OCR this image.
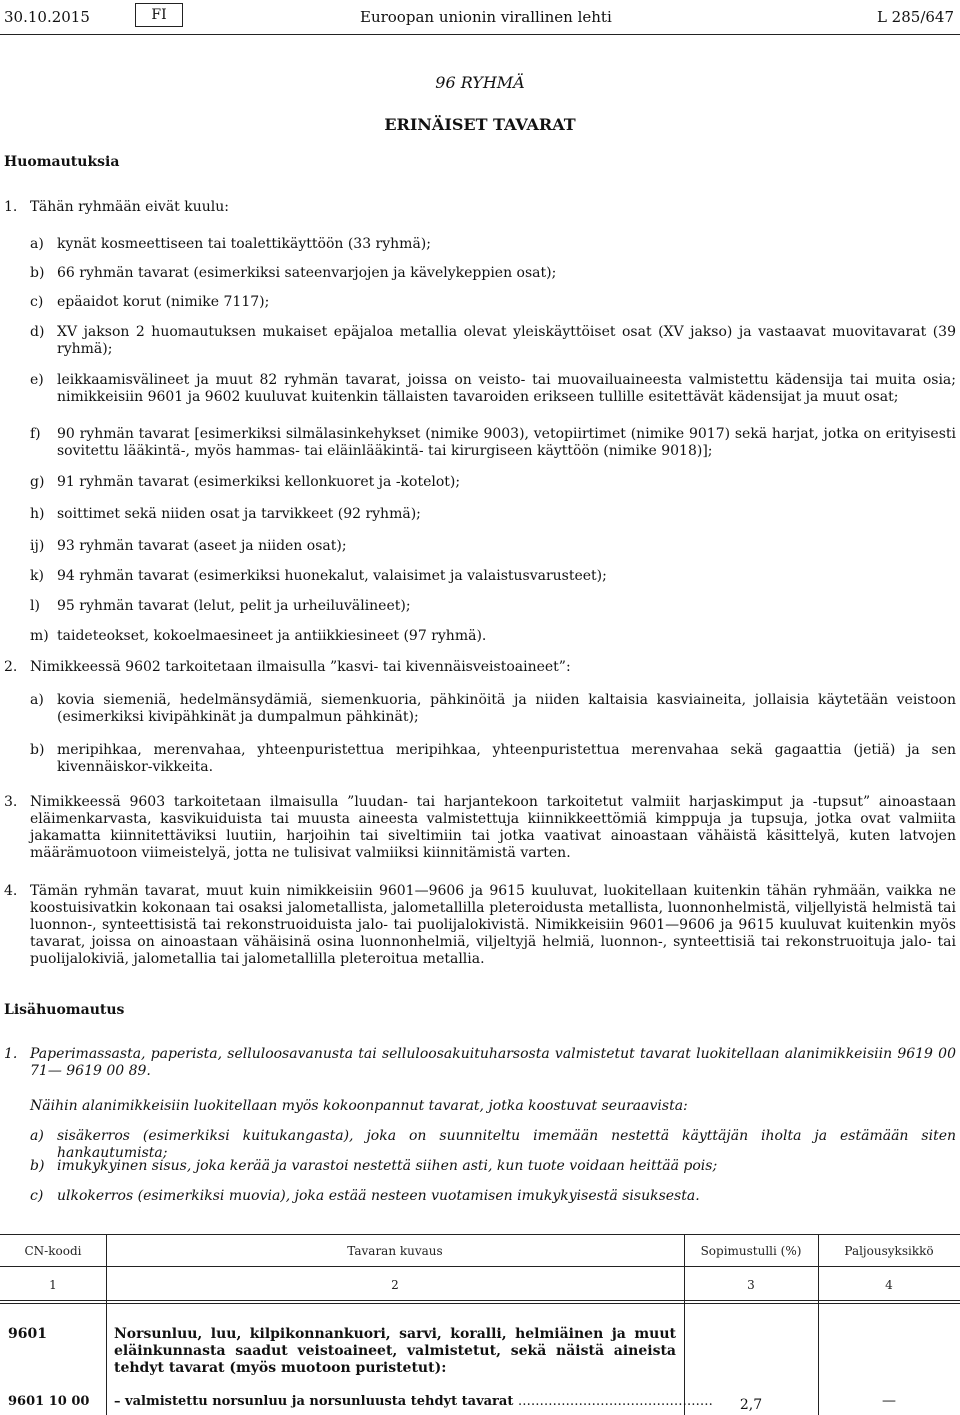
30.10.2015	FI	Euroopan unionin virallinen lehti	L 285/647
96 RYHMÄ
ERINÄISET TAVARAT
Huomautuksia
1. Tähän ryhmään eivät kuulu:
a) kynät kosmeettiseen tai toalettikäyttöön (33 ryhmä);
b) 66 ryhmän tavarat (esimerkiksi sateenvarjojen ja kävelykeppien osat);
c) epäaidot korut (nimike 7117);
d) XV jakson 2 huomautuksen mukaiset epäjaloa metallia olevat yleiskäyttöiset osat (XV jakso) ja vastaavat muovitavarat (39 ryhmä);
e) leikkaamisvälineet ja muut 82 ryhmän tavarat, joissa on veisto- tai muovailuaineesta valmistettu kädensija tai muita osia; nimikkeisiin 9601 ja 9602 kuuluvat kuitenkin tällaisten tavaroiden erikseen tullille esitettävät kädensijat ja muut osat;
f) 90 ryhmän tavarat [esimerkiksi silmälasinkehykset (nimike 9003), vetopiirtimet (nimike 9017) sekä harjat, jotka on erityisesti sovitettu lääkintä-, myös hammas- tai eläinlääkintä- tai kirurgiseen käyttöön (nimike 9018)];
g) 91 ryhmän tavarat (esimerkiksi kellonkuoret ja -kotelot);
h) soittimet sekä niiden osat ja tarvikkeet (92 ryhmä);
ij) 93 ryhmän tavarat (aseet ja niiden osat);
k) 94 ryhmän tavarat (esimerkiksi huonekalut, valaisimet ja valaistusvarusteet);
l) 95 ryhmän tavarat (lelut, pelit ja urheiluvälineet);
m) taideteokset, kokoelmaesineet ja antiikkiesineet (97 ryhmä).
2. Nimikkeessä 9602 tarkoitetaan ilmaisulla ”kasvi- tai kivennäisveistoaineet”:
a) kovia siemeniä, hedelmänsydämiä, siemenkuoria, pähkinöitä ja niiden kaltaisia kasviaineita, jollaisia käytetään veistoon (esimerkiksi kivipähkinät ja dumpalmun pähkinät);
b) meripihkaa, merenvahaa, yhteenpuristettua meripihkaa, yhteenpuristettua merenvahaa sekä gagaattia (jetiä) ja sen kivennäiskor-vikkeita.
3. Nimikkeessä 9603 tarkoitetaan ilmaisulla ”luudan- tai harjantekoon tarkoitetut valmiit harjaskimput ja -tupsut” ainoastaan eläimenkarvasta, kasvikuiduista tai muusta aineesta valmistettuja kiinnikkeettömiä kimppuja ja tupsuja, jotka ovat valmiita jakamatta kiinnitettäviksi luutiin, harjoihin tai siveltimiin tai jotka vaativat ainoastaan vähäistä käsittelyä, kuten latvojen määrämuotoon viimeistelyä, jotta ne tulisivat valmiiksi kiinnitämistä varten.
4. Tämän ryhmän tavarat, muut kuin nimikkeisiin 9601—9606 ja 9615 kuuluvat, luokitellaan kuitenkin tähän ryhmään, vaikka ne koostuisivatkin kokonaan tai osaksi jalometallista, jalometallilla pleteroidusta metallista, luonnonhelmistä, viljellyistä helmistä tai luonnon-, synteettisistä tai rekonstruoiduista jalo- tai puolijalokivistä. Nimikkeisiin 9601—9606 ja 9615 kuuluvat kuitenkin myös tavarat, joissa on ainoastaan vähäisinä osina luonnonhelmiä, viljeltyjä helmiä, luonnon-, synteettisiä tai rekonstruoituja jalo- tai puolijalokiviä, jalometallia tai jalometallilla pleteroitua metallia.
Lisähuomautus
1. Paperimassasta, paperista, selluloosavanusta tai selluloosakuituharsosta valmistetut tavarat luokitellaan alanimikkeisiin 9619 00 71— 9619 00 89.
Näihin alanimikkeisiin luokitellaan myös kokoonpannut tavarat, jotka koostuvat seuraavista:
a) sisäkerros (esimerkiksi kuitukangasta), joka on suunniteltu imemään nestettä käyttäjän iholta ja estämään siten hankautumista;
b) imukykyinen sisus, joka kerää ja varastoi nestettä siihen asti, kun tuote voidaan heittää pois;
c) ulkokerros (esimerkiksi muovia), joka estää nesteen vuotamisen imukykyisestä sisuksesta.
CN-koodi	Tavaran kuvaus	Sopimustulli (%)	Paljousyksikkö
1	2	3	4
9601	Norsunluu, luu, kilpikonnankuori, sarvi, koralli, helmiäinen ja muut eläinkunnasta saadut veistoaineet, valmistetut, sekä näistä aineista tehdyt tavarat (myös muotoon puristetut):
9601 10 00 – valmistettu norsunluu ja norsunluusta tehdyt tavarat ………………………………………	2,7	—
